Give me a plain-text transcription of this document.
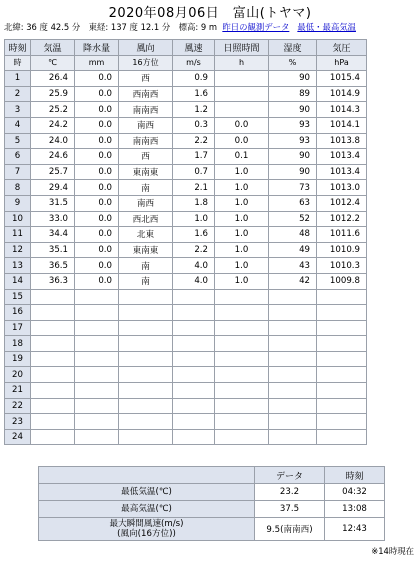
2020年08月06日　富山(トヤマ)
北緯: 36 度 42.5 分　東経: 137 度 12.1 分　標高: 9 m 昨日の観測データ 最低・最高気温
時刻	気温	降水量	風向	風速	日照時間	湿度	気圧
時	℃	mm	16方位	m/s	h	%	hPa
1	26.4	0.0	西	0.9		90	1015.4
2	25.9	0.0	西南西	1.6		89	1014.9
3	25.2	0.0	南南西	1.2		90	1014.3
4	24.2	0.0	南西	0.3	0.0	93	1014.1
5	24.0	0.0	南南西	2.2	0.0	93	1013.8
6	24.6	0.0	西	1.7	0.1	90	1013.4
7	25.7	0.0	東南東	0.7	1.0	90	1013.4
8	29.4	0.0	南	2.1	1.0	73	1013.0
9	31.5	0.0	南西	1.8	1.0	63	1012.4
10	33.0	0.0	西北西	1.0	1.0	52	1012.2
11	34.4	0.0	北東	1.6	1.0	48	1011.6
12	35.1	0.0	東南東	2.2	1.0	49	1010.9
13	36.5	0.0	南	4.0	1.0	43	1010.3
14	36.3	0.0	南	4.0	1.0	42	1009.8
15							
16							
17							
18							
19							
20							
21							
22							
23							
24							
	データ	時刻
最低気温(℃)	23.2	04:32
最高気温(℃)	37.5	13:08

最大瞬間風速(m/s)
(風向(16方位))	9.5(南南西)	12:43
※14時現在
